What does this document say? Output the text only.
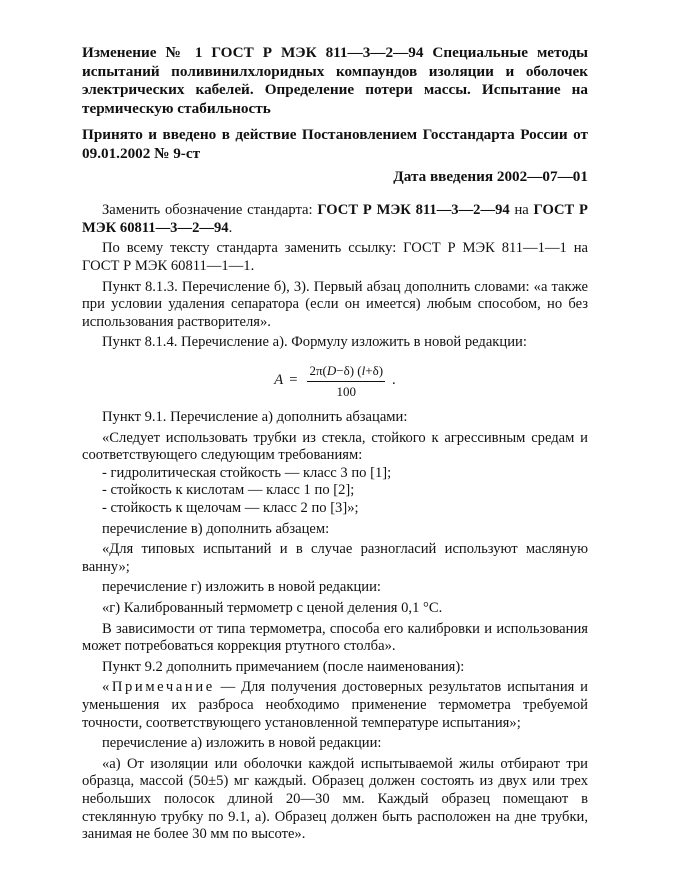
Изменение № 1 ГОСТ Р МЭК 811—3—2—94 Специальные методы испытаний поливинилхлоридных компаундов изоляции и оболочек электрических кабелей. Определение потери массы. Испытание на термическую стабильность

Принято и введено в действие Постановлением Госстандарта России от 09.01.2002 № 9-ст

Дата введения 2002—07—01

Заменить обозначение стандарта: ГОСТ Р МЭК 811—3—2—94 на ГОСТ Р МЭК 60811—3—2—94.

По всему тексту стандарта заменить ссылку: ГОСТ Р МЭК 811—1—1 на ГОСТ Р МЭК 60811—1—1.

Пункт 8.1.3. Перечисление б), 3). Первый абзац дополнить словами: «а также при условии удаления сепаратора (если он имеется) любым способом, но без использования растворителя».

Пункт 8.1.4. Перечисление а). Формулу изложить в новой редакции:

$A = \frac{2\pi(D-\delta) (l+\delta)}{100}$ .

Пункт 9.1. Перечисление а) дополнить абзацами:

«Следует использовать трубки из стекла, стойкого к агрессивным средам и соответствующего следующим требованиям:

- гидролитическая стойкость — класс 3 по [1];

- стойкость к кислотам — класс 1 по [2];

- стойкость к щелочам — класс 2 по [3]»;

перечисление в) дополнить абзацем:

«Для типовых испытаний и в случае разногласий используют масляную ванну»;

перечисление г) изложить в новой редакции:

«г) Калиброванный термометр с ценой деления 0,1 °С.

В зависимости от типа термометра, способа его калибровки и использования может потребоваться коррекция ртутного столба».

Пункт 9.2 дополнить примечанием (после наименования):

«Примечание — Для получения достоверных результатов испытания и уменьшения их разброса необходимо применение термометра требуемой точности, соответствующего установленной температуре испытания»;

перечисление а) изложить в новой редакции:

«а) От изоляции или оболочки каждой испытываемой жилы отбирают три образца, массой (50±5) мг каждый. Образец должен состоять из двух или трех небольших полосок длиной 20—30 мм. Каждый образец помещают в стеклянную трубку по 9.1, а). Образец должен быть расположен на дне трубки, занимая не более 30 мм по высоте».
